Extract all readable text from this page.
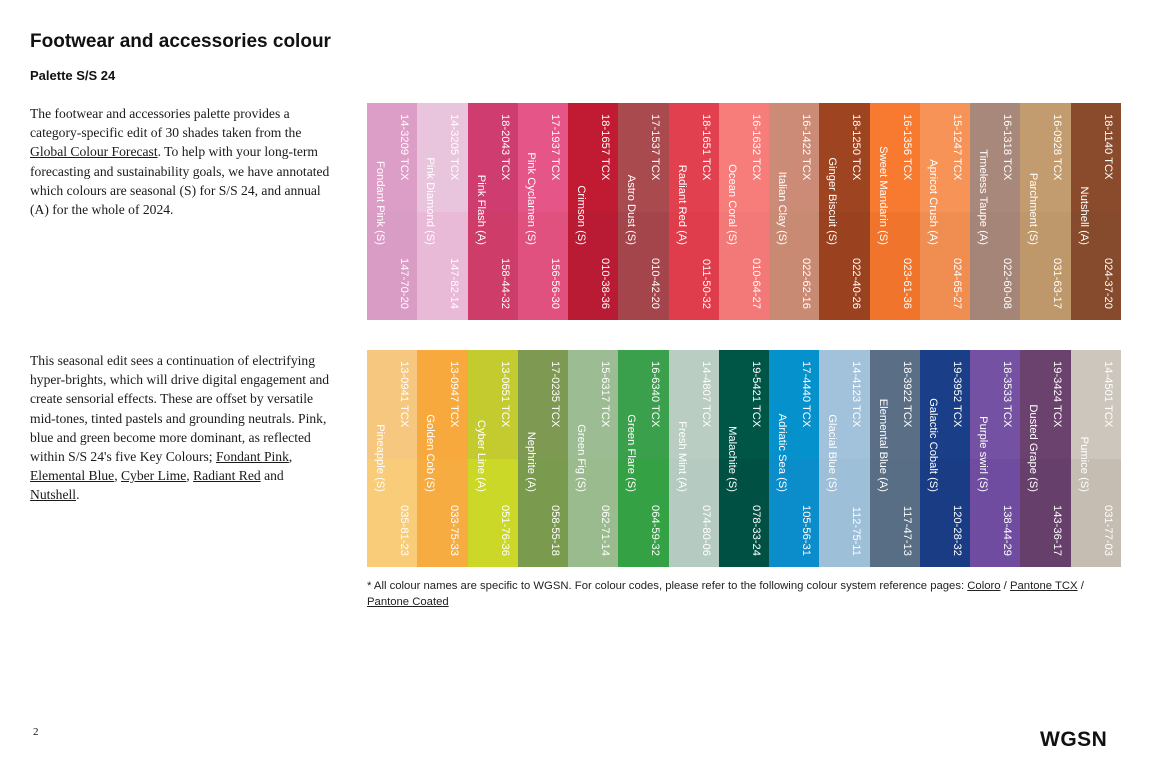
Footwear and accessories colour
Palette S/S 24

The footwear and accessories palette provides a category-specific edit of 30 shades taken from the Global Colour Forecast. To help with your long-term forecasting and sustainability goals, we have annotated which colours are seasonal (S) for S/S 24, and annual (A) for the whole of 2024.

This seasonal edit sees a continuation of electrifying hyper-brights, which will drive digital engagement and create sensorial effects. These are offset by versatile mid-tones, tinted pastels and grounding neutrals. Pink, blue and green become more dominant, as reflected within S/S 24's five Key Colours; Fondant Pink, Elemental Blue, Cyber Lime, Radiant Red and Nutshell.

14-3209 TCX
Fondant Pink (S)
147-70-20
14-3205 TCX
Pink Diamond (S)
147-82-14
18-2043 TCX
Pink Flash (A)
158-44-32
17-1937 TCX
Pink Cyclamen (S)
156-56-30
18-1657 TCX
Crimson (S)
010-38-36
17-1537 TCX
Astro Dust (S)
010-42-20
18-1651 TCX
Radiant Red (A)
011-50-32
16-1632 TCX
Ocean Coral (S)
010-64-27
16-1422 TCX
Italian Clay (S)
022-62-16
18-1250 TCX
Ginger Biscuit (S)
022-40-26
16-1356 TCX
Sweet Mandarin (S)
023-61-36
15-1247 TCX
Apricot Crush (A)
024-65-27
16-1318 TCX
Timeless Taupe (A)
022-60-08
16-0928 TCX
Parchment (S)
031-63-17
18-1140 TCX
Nutshell (A)
024-37-20
13-0941 TCX
Pineapple (S)
035-81-23
13-0947 TCX
Golden Cob (S)
033-75-33
13-0651 TCX
Cyber Line (A)
051-76-36
17-0235 TCX
Nephrite (A)
058-55-18
15-6317 TCX
Green Fig (S)
062-71-14
16-6340 TCX
Green Flare (S)
064-59-32
14-4807 TCX
Fresh Mint (A)
074-80-06
19-5421 TCX
Malachite (S)
078-33-24
17-4440 TCX
Adriatic Sea (S)
105-56-31
14-4123 TCX
Glacial Blue (S)
112-75-11
18-3922 TCX
Elemental Blue (A)
117-47-13
19-3952 TCX
Galactic Cobalt (S)
120-28-32
18-3533 TCX
Purple swirl (S)
138-44-29
19-3424 TCX
Dusted Grape (S)
143-36-17
14-4501 TCX
Pumice (S)
031-77-03

* All colour names are specific to WGSN. For colour codes, please refer to the following colour system reference pages: Coloro / Pantone TCX / Pantone Coated

2	WGSN
